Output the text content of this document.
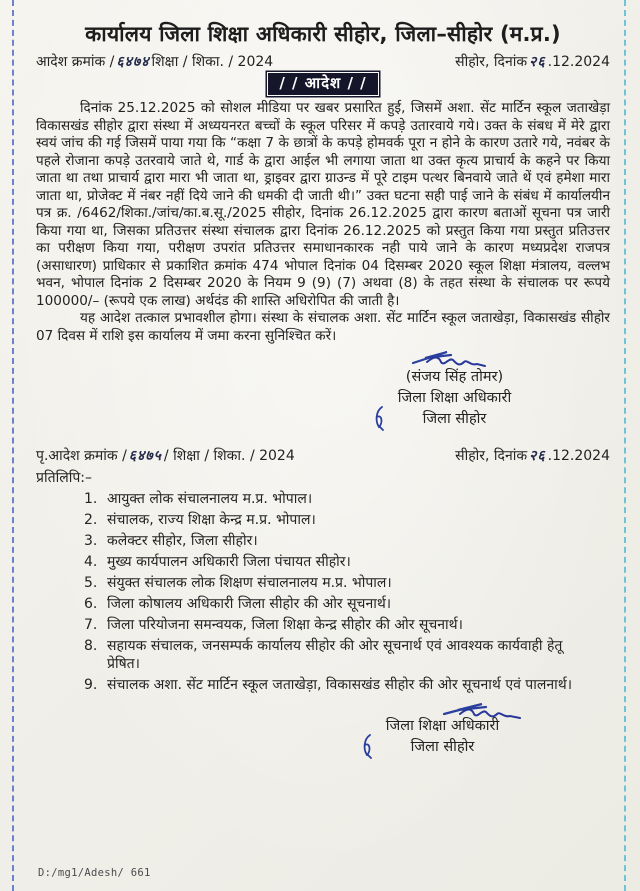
कार्यालय जिला शिक्षा अधिकारी सीहोर, जिला–सीहोर (म.प्र.)
आदेश क्रमांक / ६४७४ शिक्षा / शिका. / 2024	सीहोर, दिनांक २६ .12.2024
/ / आदेश / /

दिनांक 25.12.2025 को सोशल मीडिया पर खबर प्रसारित हुई, जिसमें अशा. सेंट मार्टिन स्कूल जताखेड़ा विकासखंड सीहोर द्वारा संस्था में अध्ययनरत बच्चों के स्कूल परिसर में कपड़े उतारवाये गये। उक्त के संबध में मेरे द्वारा स्वयं जांच की गई जिसमें पाया गया कि “कक्षा 7 के छात्रों के कपड़े होमवर्क पूरा न होने के कारण उतारे गये, नवंबर के पहले रोजाना कपड़े उतरवाये जाते थे, गार्ड के द्वारा आईल भी लगाया जाता था उक्त कृत्य प्राचार्य के कहने पर किया जाता था तथा प्राचार्य द्वारा मारा भी जाता था, ड्राइवर द्वारा ग्राउन्ड में पूरे टाइम पत्थर बिनवाये जाते थें एवं हमेशा मारा जाता था, प्रोजेक्ट में नंबर नहीं दिये जाने की धमकी दी जाती थी।” उक्त घटना सही पाई जाने के संबंध में कार्यालयीन पत्र क्र. /6462/शिका./जांच/का.ब.सू./2025 सीहोर, दिनांक 26.12.2025 द्वारा कारण बताओं सूचना पत्र जारी किया गया था, जिसका प्रतिउत्तर संस्था संचालक द्वारा दिनांक 26.12.2025 को प्रस्तुत किया गया प्रस्तुत प्रतिउत्तर का परीक्षण किया गया, परीक्षण उपरांत प्रतिउत्तर समाधानकारक नही पाये जाने के कारण मध्यप्रदेश राजपत्र (असाधारण) प्राधिकार से प्रकाशित क्रमांक 474 भोपाल दिनांक 04 दिसम्बर 2020 स्कूल शिक्षा मंत्रालय, वल्लभ भवन, भोपाल दिनांक 2 दिसम्बर 2020 के नियम 9 (9) (7) अथवा (8) के तहत संस्था के संचालक पर रूपये 100000/– (रूपये एक लाख) अर्थदंड की शास्ति अधिरोपित की जाती है।

यह आदेश तत्काल प्रभावशील होगा। संस्था के संचालक अशा. सेंट मार्टिन स्कूल जताखेड़ा, विकासखंड सीहोर 07 दिवस में राशि इस कार्यालय में जमा करना सुनिश्चित करें।

(संजय सिंह तोमर)
जिला शिक्षा अधिकारी
जिला सीहोर
पृ.आदेश क्रमांक / ६४७५ / शिक्षा / शिका. / 2024	सीहोर, दिनांक २६ .12.2024
प्रतिलिपि:–
1. आयुक्त लोक संचालनालय म.प्र. भोपाल।
2. संचालक, राज्य शिक्षा केन्द्र म.प्र. भोपाल।
3. कलेक्टर सीहोर, जिला सीहोर।
4. मुख्य कार्यपालन अधिकारी जिला पंचायत सीहोर।
5. संयुक्त संचालक लोक शिक्षण संचालनालय म.प्र. भोपाल।
6. जिला कोषालय अधिकारी जिला सीहोर की ओर सूचनार्थ।
7. जिला परियोजना समन्वयक, जिला शिक्षा केन्द्र सीहोर की ओर सूचनार्थ।
8. सहायक संचालक, जनसम्पर्क कार्यालय सीहोर की ओर सूचनार्थ एवं आवश्यक कार्यवाही हेतू प्रेषित।
9. संचालक अशा. सेंट मार्टिन स्कूल जताखेड़ा, विकासखंड सीहोर की ओर सूचनार्थ एवं पालनार्थ।
जिला शिक्षा अधिकारी
जिला सीहोर
D:/mg1/Adesh/ 661
